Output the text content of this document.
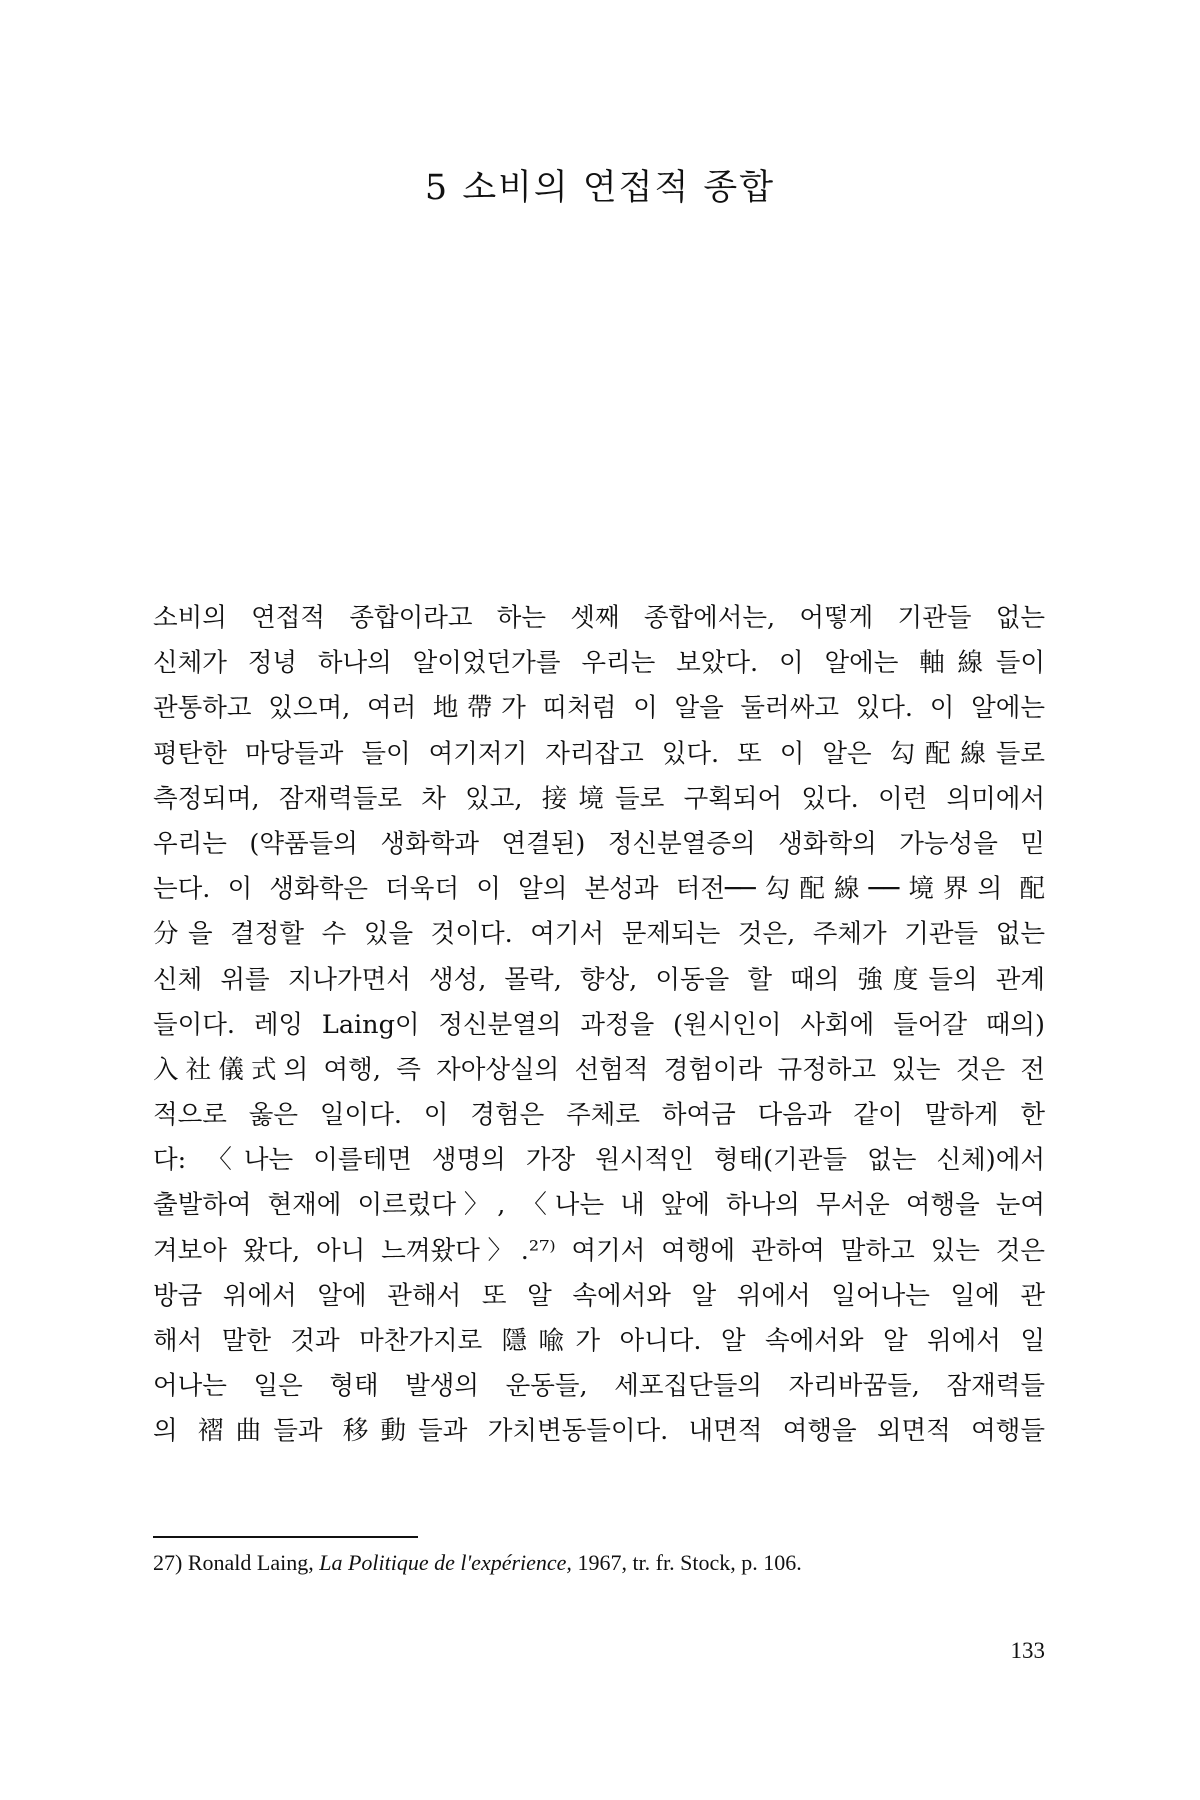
5 소비의 연접적 종합
소비의 연접적 종합이라고 하는 셋째 종합에서는, 어떻게 기관들 없는
신체가 정녕 하나의 알이었던가를 우리는 보았다. 이 알에는 軸線들이
관통하고 있으며, 여러 地帶가 띠처럼 이 알을 둘러싸고 있다. 이 알에는
평탄한 마당들과 들이 여기저기 자리잡고 있다. 또 이 알은 勾配線들로
측정되며, 잠재력들로 차 있고, 接境들로 구획되어 있다. 이런 의미에서
우리는 (약품들의 생화학과 연결된) 정신분열증의 생화학의 가능성을 믿
는다. 이 생화학은 더욱더 이 알의 본성과 터전──勾配線──境界의 配
分을 결정할 수 있을 것이다. 여기서 문제되는 것은, 주체가 기관들 없는
신체 위를 지나가면서 생성, 몰락, 향상, 이동을 할 때의 強度들의 관계
들이다. 레잉 Laing이 정신분열의 과정을 (원시인이 사회에 들어갈 때의)
入社儀式의 여행, 즉 자아상실의 선험적 경험이라 규정하고 있는 것은 전
적으로 옳은 일이다. 이 경험은 주체로 하여금 다음과 같이 말하게 한
다: 〈나는 이를테면 생명의 가장 원시적인 형태(기관들 없는 신체)에서
출발하여 현재에 이르렀다〉, 〈나는 내 앞에 하나의 무서운 여행을 눈여
겨보아 왔다, 아니 느껴왔다〉.²⁷⁾ 여기서 여행에 관하여 말하고 있는 것은
방금 위에서 알에 관해서 또 알 속에서와 알 위에서 일어나는 일에 관
해서 말한 것과 마찬가지로 隱喩가 아니다. 알 속에서와 알 위에서 일
어나는 일은 형태 발생의 운동들, 세포집단들의 자리바꿈들, 잠재력들
의 褶曲들과 移動들과 가치변동들이다. 내면적 여행을 외면적 여행들
27) Ronald Laing, La Politique de l'expérience, 1967, tr. fr. Stock, p. 106.
133
